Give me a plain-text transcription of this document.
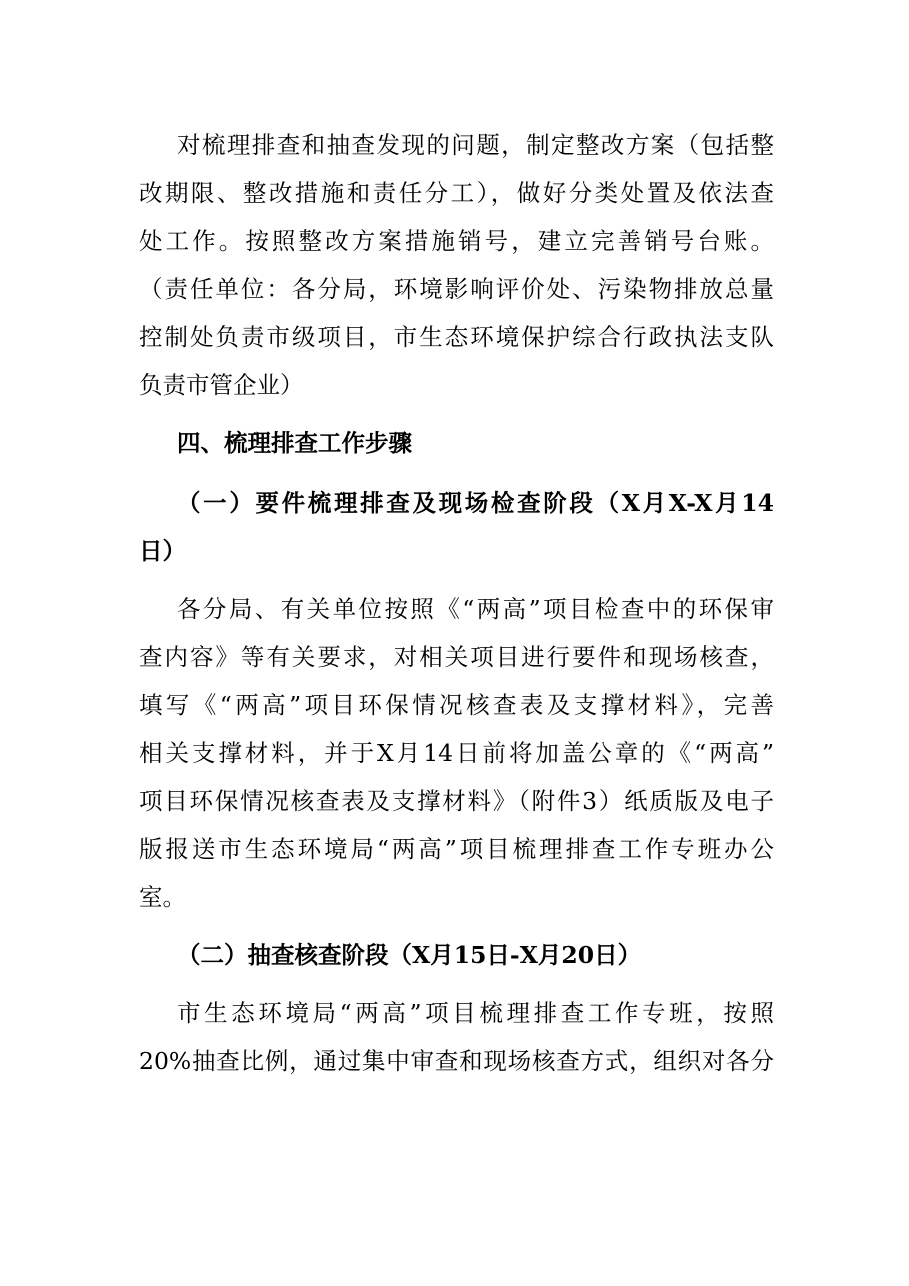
对梳理排查和抽查发现的问题，制定整改方案（包括整
改期限、整改措施和责任分工），做好分类处置及依法查
处工作。按照整改方案措施销号，建立完善销号台账。
（责任单位：各分局，环境影响评价处、污染物排放总量
控制处负责市级项目，市生态环境保护综合行政执法支队
负责市管企业）
四、梳理排查工作步骤
（一）要件梳理排查及现场检查阶段（X月X-X月14
日）
各分局、有关单位按照《“两高”项目检查中的环保审
查内容》等有关要求，对相关项目进行要件和现场核查，
填写《“两高”项目环保情况核查表及支撑材料》，完善
相关支撑材料，并于X月14日前将加盖公章的《“两高”
项目环保情况核查表及支撑材料》（附件3）纸质版及电子
版报送市生态环境局“两高”项目梳理排查工作专班办公
室。
（二）抽查核查阶段（X月15日-X月20日）
市生态环境局“两高”项目梳理排查工作专班，按照
20%抽查比例，通过集中审查和现场核查方式，组织对各分
